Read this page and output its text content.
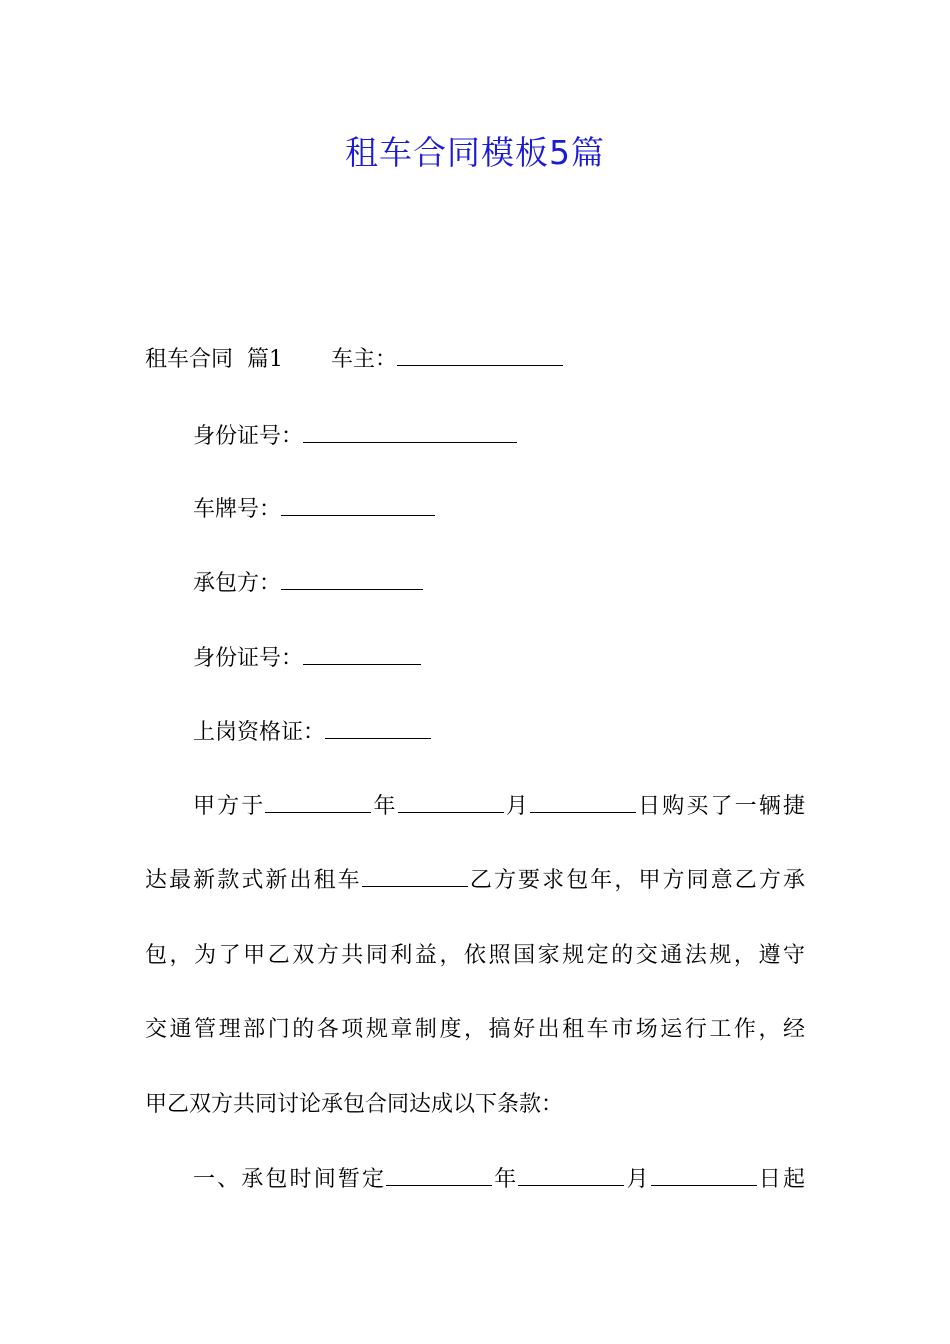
租车合同模板5篇
租车合同  篇1 车主：
身份证号：
车牌号：
承包方：
身份证号：
上岗资格证：
甲方于	年	月	日购买了一辆捷
达最新款式新出租车	乙方要求包年，甲方同意乙方承
包，为了甲乙双方共同利益，依照国家规定的交通法规，遵守
交通管理部门的各项规章制度，搞好出租车市场运行工作，经
甲乙双方共同讨论承包合同达成以下条款：
一、承包时间暂定	年	月	日起
